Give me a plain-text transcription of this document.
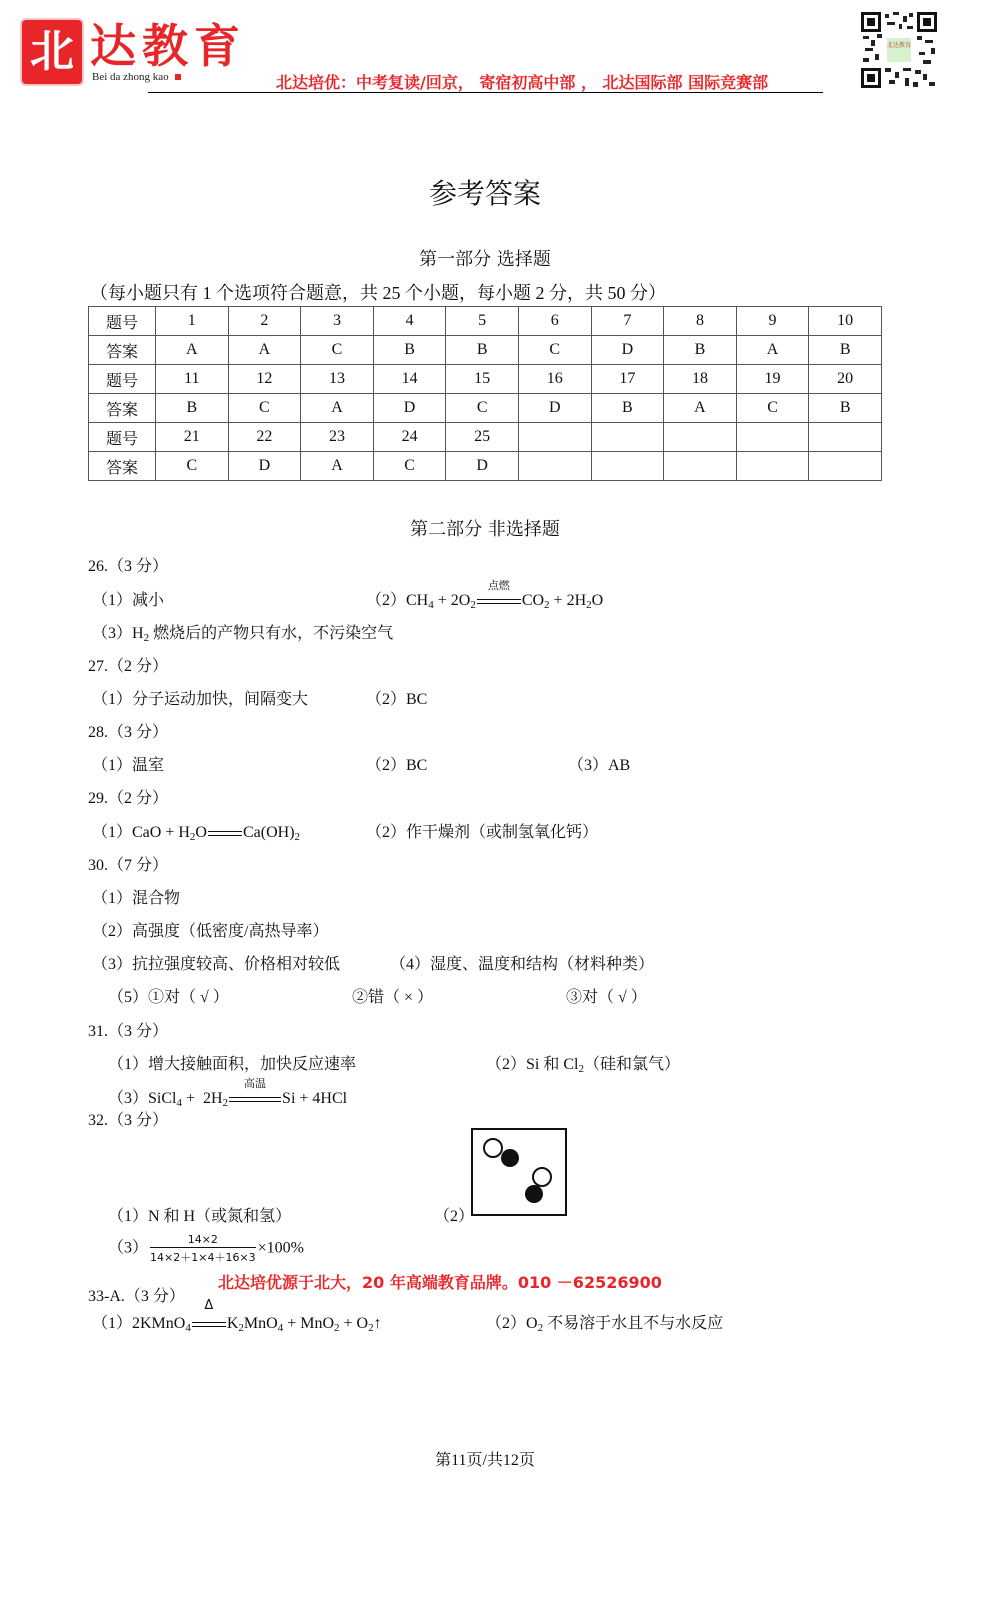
北 达教育
Bei da zhong kao	北达培优：中考复读/回京， 寄宿初高中部 ， 北达国际部 国际竞赛部
北达教育
参考答案
第一部分 选择题
（每小题只有 1 个选项符合题意，共 25 个小题，每小题 2 分，共 50 分）
题号	1	2	3	4	5	6	7	8	9	10
答案	A	A	C	B	B	C	D	B	A	B
题号	11	12	13	14	15	16	17	18	19	20
答案	B	C	A	D	C	D	B	A	C	B
题号	21	22	23	24	25					
答案	C	D	A	C	D					
第二部分 非选择题
26.（3 分）
（1）减小	$(2)CH_4 + 2O_2$
点燃
$CO_2 + 2H_2O$
$(3)H_2$ 燃烧后的产物只有水，不污染空气
27.（2 分）
（1）分子运动加快，间隔变大	（2）BC
28.（3 分）
（1）温室	（2）BC	（3）AB
29.（2 分）
$(1)CaO + H_2O$ $Ca(OH)_2$	（2）作干燥剂（或制氢氧化钙）
30.（7 分）
（1）混合物
（2）高强度（低密度/高热导率）
（3）抗拉强度较高、价格相对较低	（4）湿度、温度和结构（材料种类）
（5）①对（ √ ）	②错（ × ）	③对（ √ ）
31.（3 分）
（1）增大接触面积，加快反应速率	（2）Si 和 $Cl_2$（硅和氯气）
（3）SiCl$_4$ +  $2H_2$
高温
Si + 4HCl
32.（3 分）
（1）N 和 H（或氮和氢）	（2）
$(3) \frac{14\times 2}{14\times 2+1\times 4+16\times 3} \times 100\%$
北达培优源于北大，20 年高端教育品牌。010 －62526900
33-A.（3 分）
（1）2KMnO$_4$
Δ
$K_2MnO_4 + MnO_2$ + $O_2↑$	$(2)O_2$ 不易溶于水且不与水反应
第11页/共12页
